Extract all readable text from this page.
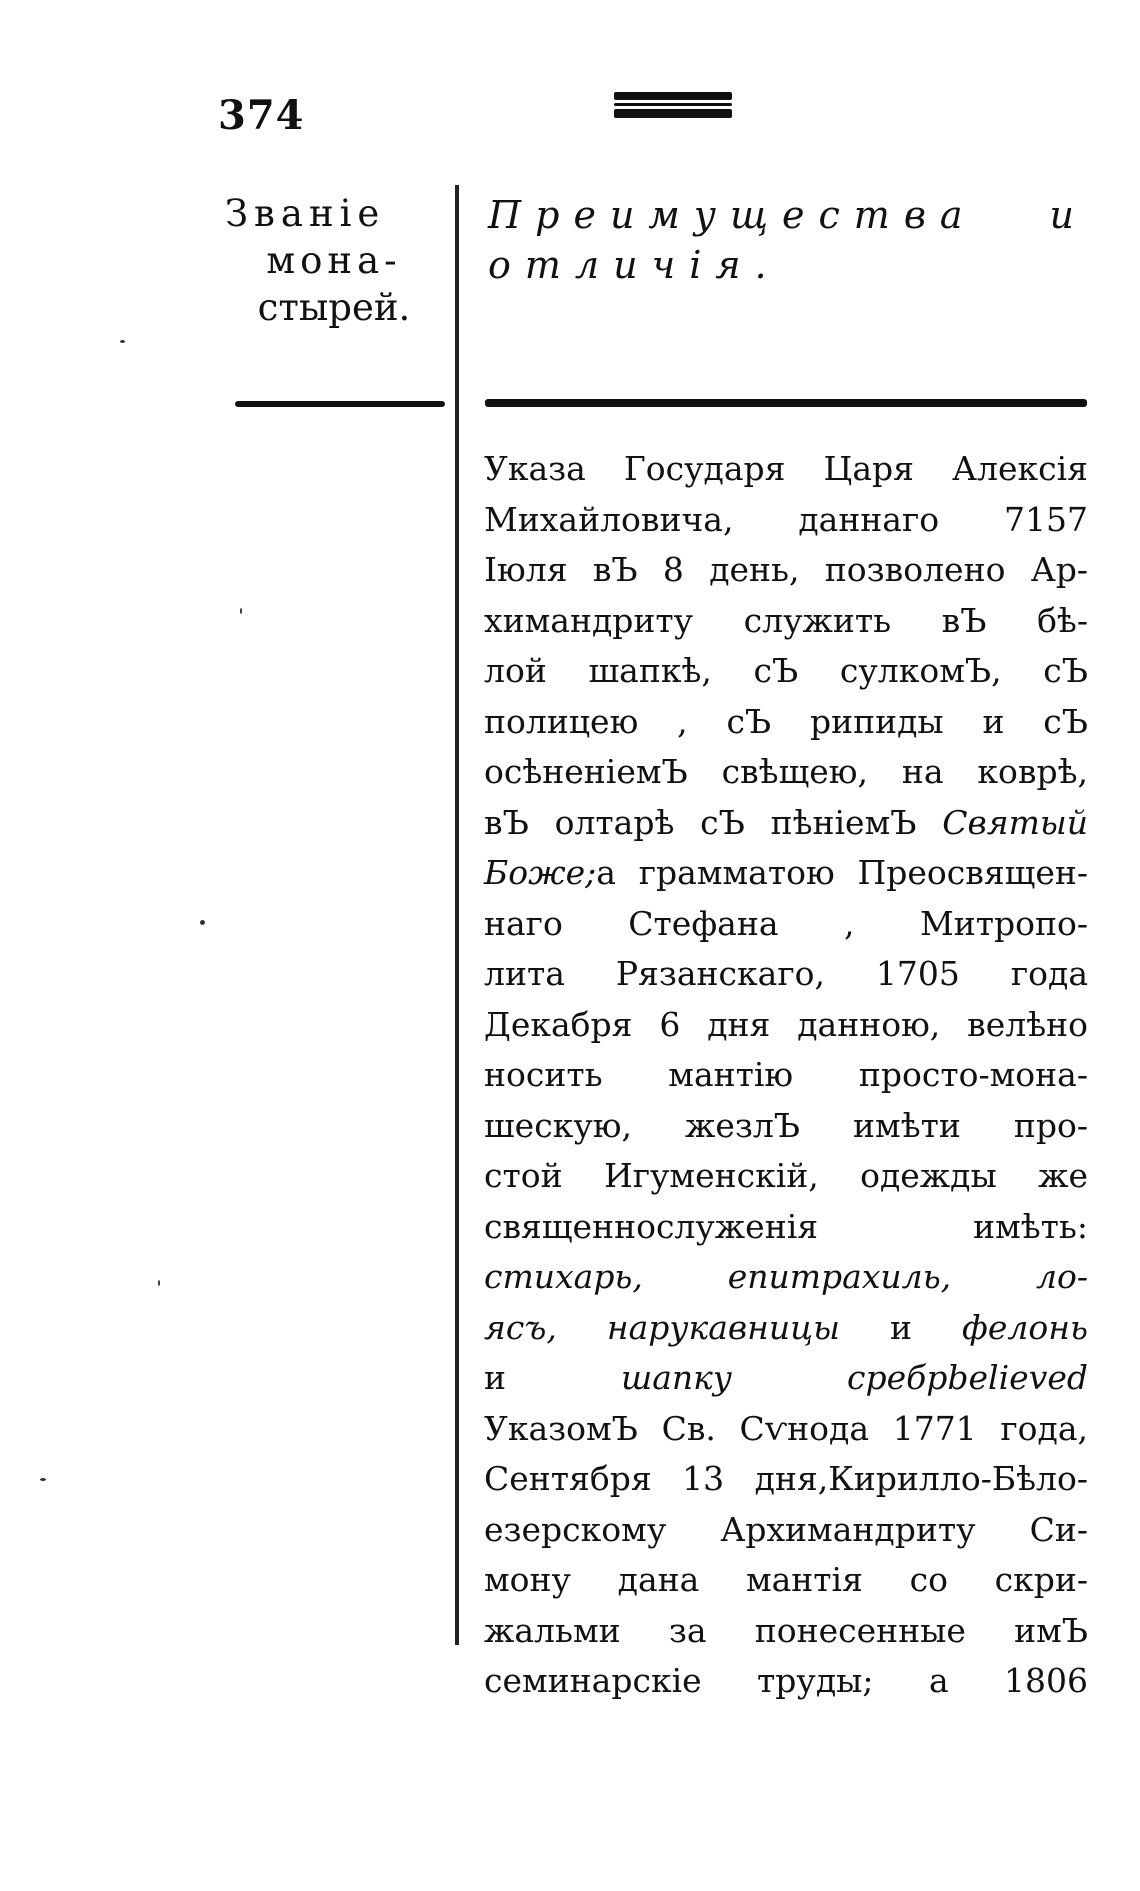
374
Званіе
мона-
стырей.
Преимущества и
отличія.
Указа Государя Царя Алексія
Михайловича, даннаго 7157
Іюля вЪ 8 день, позволено Ар-
химандриту служить вЪ бѣ-
лой шапкѣ, сЪ сулкомЪ, сЪ
полицею , сЪ рипиды и сЪ
осѣненіемЪ свѣщею, на коврѣ,
вЪ олтарѣ сЪ пѣніемЪ Святый
Боже;а грамматою Преосвящен-
наго Стефана , Митропо-
лита Рязанскаго, 1705 года
Декабря 6 дня данною, велѣно
носить мантію просто-мона-
шескую, жезлЪ имѣти про-
стой Игуменскій, одежды же
священнослуженія имѣть:
стихарь, епитрахиль, ло-
ясъ, нарукавницы и фелонь
и шапку сребрbelieved
УказомЪ Св. Сѵнода 1771 года,
Сентября 13 дня,Кирилло-Бѣло-
езерскому Архимандриту Си-
мону дана мантія со скри-
жальми за понесенные имЪ
семинарскіе труды; а 1806
